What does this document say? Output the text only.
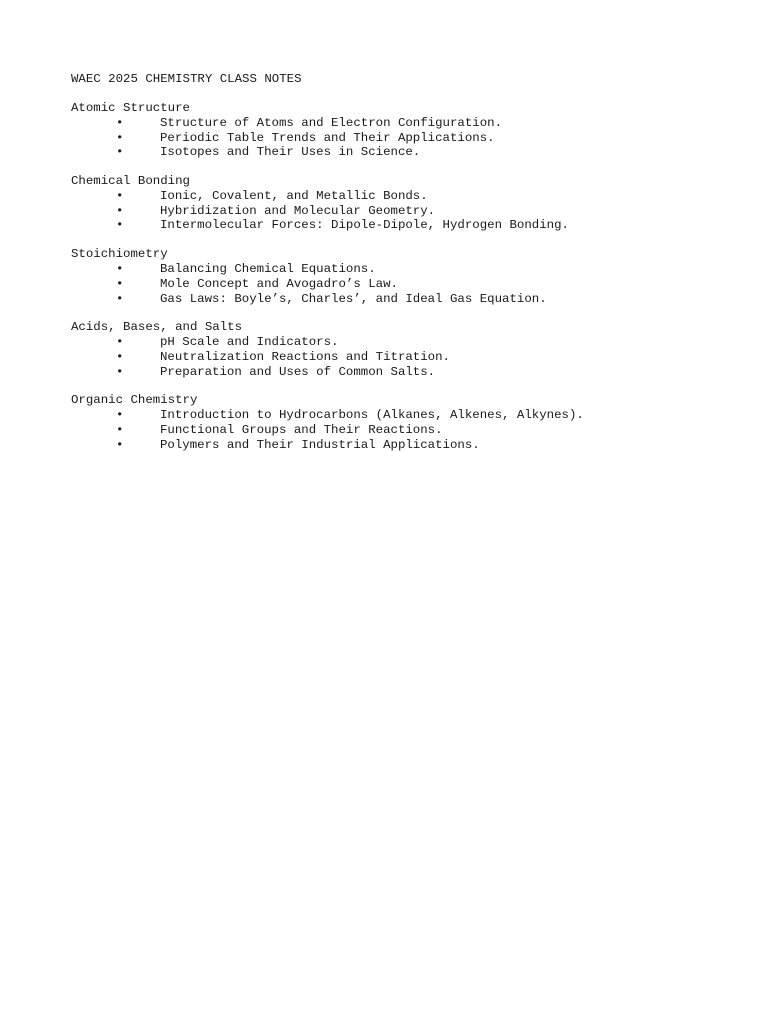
WAEC 2025 CHEMISTRY CLASS NOTES
Atomic Structure

•

	Structure of Atoms and Electron Configuration.

•

	Periodic Table Trends and Their Applications.

•

	Isotopes and Their Uses in Science.

Chemical Bonding

•

	Ionic, Covalent, and Metallic Bonds.

•

	Hybridization and Molecular Geometry.

•

	Intermolecular Forces: Dipole-Dipole, Hydrogen Bonding.

Stoichiometry

•

	Balancing Chemical Equations.

•

	Mole Concept and Avogadro’s Law.

•

	Gas Laws: Boyle’s, Charles’, and Ideal Gas Equation.

Acids, Bases, and Salts

•

	pH Scale and Indicators.

•

	Neutralization Reactions and Titration.

•

	Preparation and Uses of Common Salts.

Organic Chemistry

•

	Introduction to Hydrocarbons (Alkanes, Alkenes, Alkynes).

•

	Functional Groups and Their Reactions.

•

	Polymers and Their Industrial Applications.
